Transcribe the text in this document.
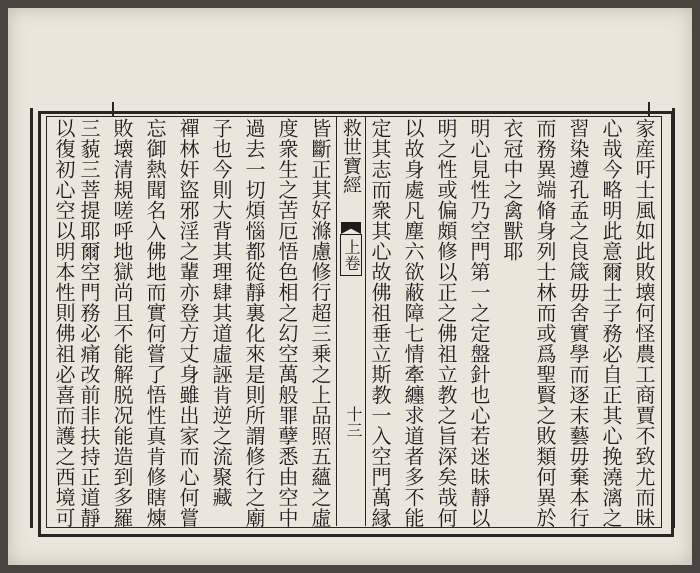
家産吁士風如此敗壊何怪農工商賈不致尤而昧
心哉今略明此意爾士子務必自正其心挽澆漓之
習染遵孔孟之良箴毋舍實學而逐末藝毋棄本行
而務異端脩身列士林而或爲聖賢之敗類何異於
衣冠中之禽獸耶
明心見性乃空門第一之定盤針也心若迷昧靜以
明之性或偏頗修以正之佛祖立教之旨深矣哉何
以故身處凡塵六欲蔽障七情牽纏求道者多不能
定其志而衆其心故佛祖垂立斯教一入空門萬縁
救世寶經
上卷
十三
皆斷正其好滌慮修行超三乗之上品照五蘊之虛
度衆生之苦厄悟色相之幻空萬般罪孽悉由空中
過去一切煩惱都從靜裏化來是則所謂修行之廟
子也今則大背其理肆其道虛誣肯逆之流聚藏
禪林奸盜邪淫之輩亦登方丈身雖出家而心何嘗
忘御熱聞名入佛地而實何嘗了悟性真肯修瞎煉
敗壊清規嗟呼地獄尚且不能解脱况能造到多羅
三藐三菩提耶爾空門務必痛改前非扶持正道靜
以復初心空以明本性則佛祖必喜而護之西境可
